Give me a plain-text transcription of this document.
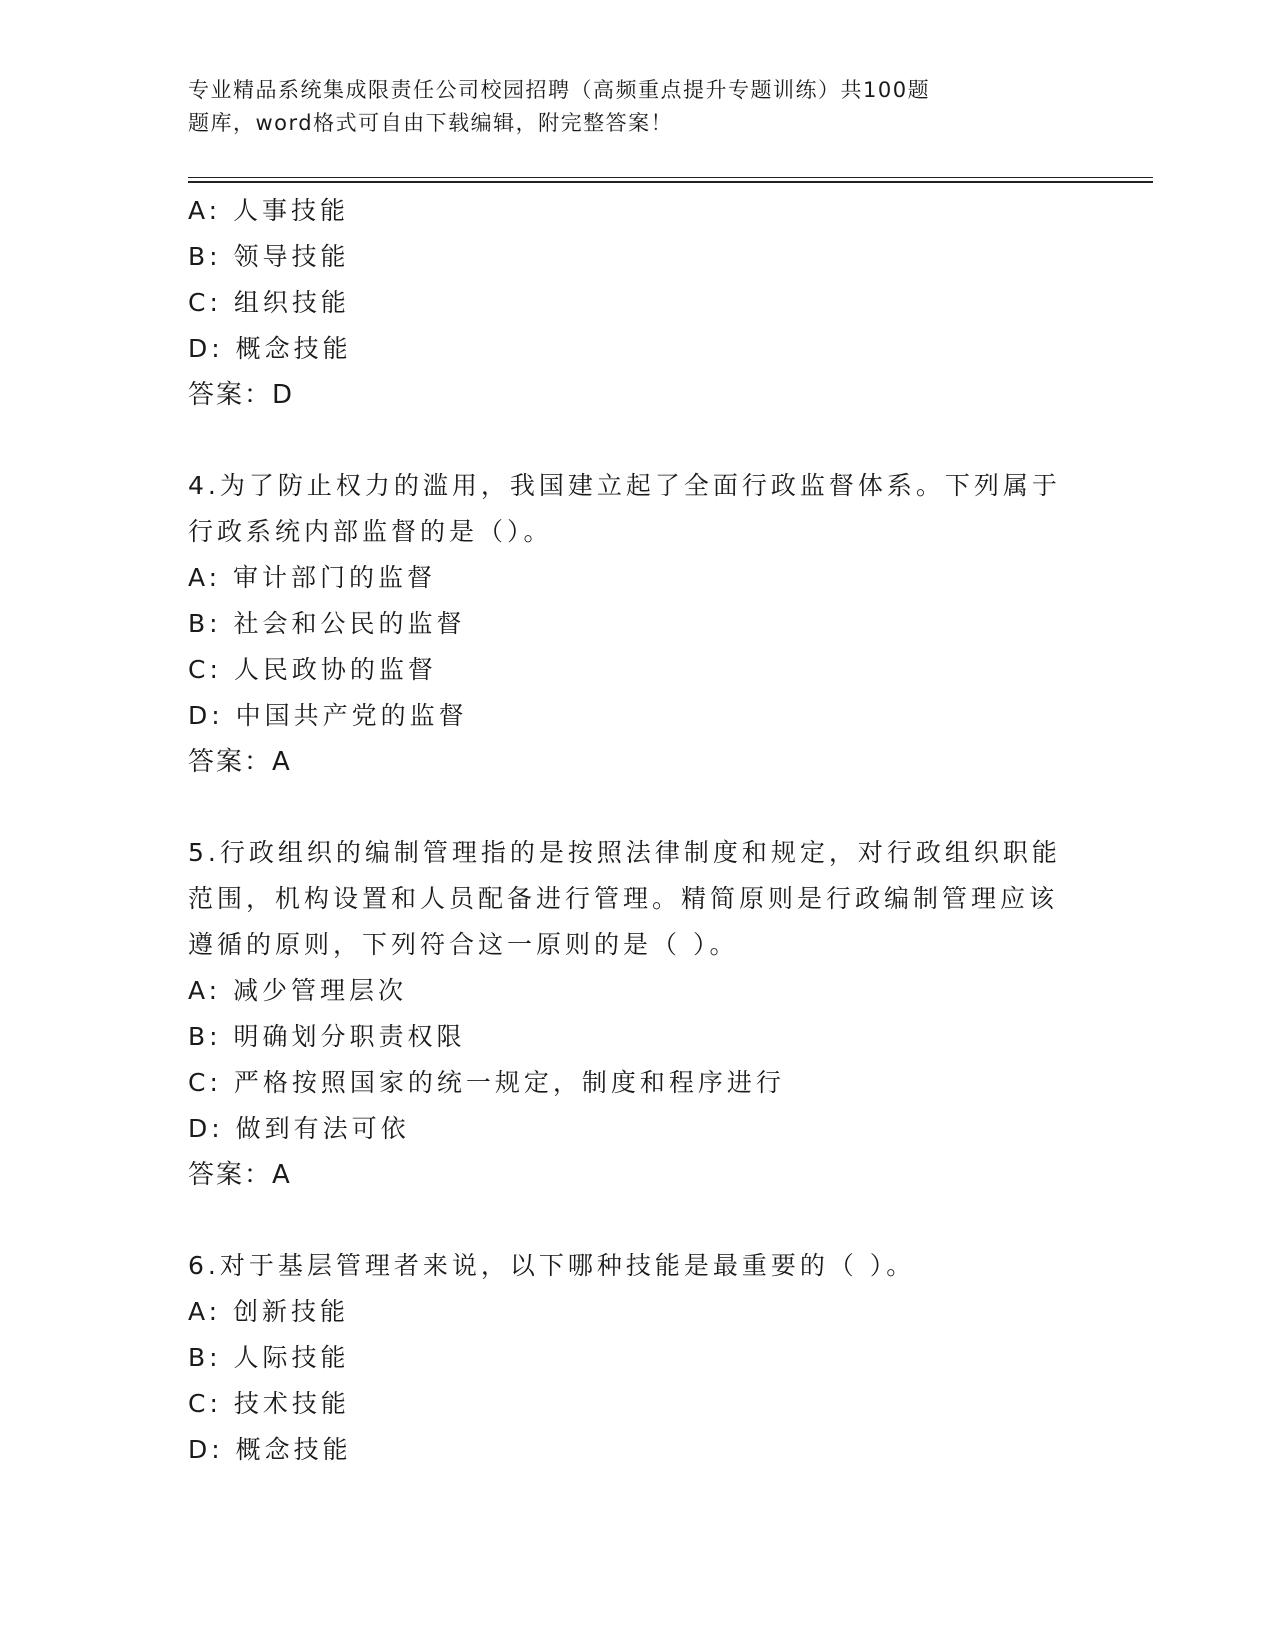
专业精品系统集成限责任公司校园招聘（高频重点提升专题训练）共100题
题库，word格式可自由下载编辑，附完整答案！
A: 人事技能
B: 领导技能
C: 组织技能
D: 概念技能
答案：D
4.为了防止权力的滥用，我国建立起了全面行政监督体系。下列属于
行政系统内部监督的是（）。
A: 审计部门的监督
B: 社会和公民的监督
C: 人民政协的监督
D: 中国共产党的监督
答案：A
5.行政组织的编制管理指的是按照法律制度和规定，对行政组织职能
范围，机构设置和人员配备进行管理。精简原则是行政编制管理应该
遵循的原则，下列符合这一原则的是（ ）。
A: 减少管理层次
B: 明确划分职责权限
C: 严格按照国家的统一规定，制度和程序进行
D: 做到有法可依
答案：A
6.对于基层管理者来说，以下哪种技能是最重要的（ ）。
A: 创新技能
B: 人际技能
C: 技术技能
D: 概念技能
